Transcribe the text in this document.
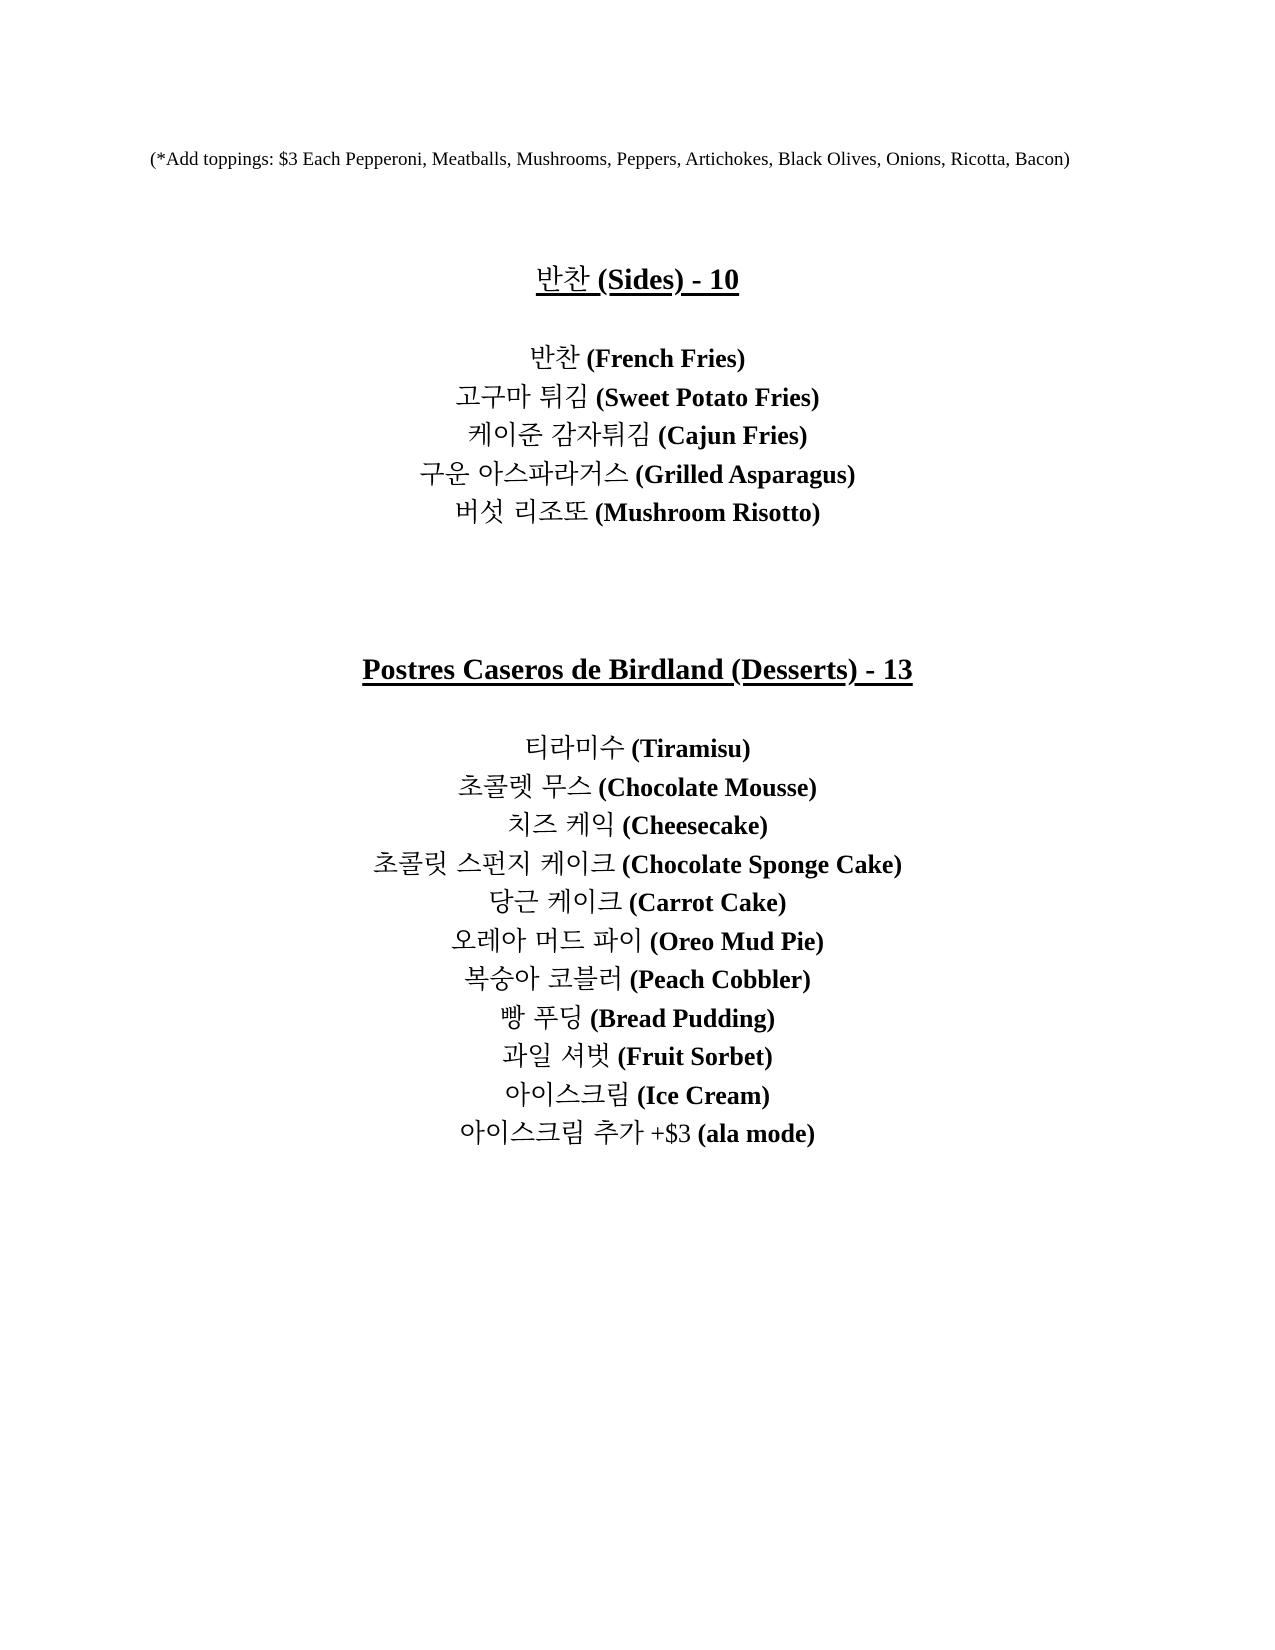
(*Add toppings: $3 Each Pepperoni, Meatballs, Mushrooms, Peppers, Artichokes, Black Olives, Onions, Ricotta, Bacon)
반찬 (Sides) - 10
반찬 (French Fries)
고구마 튀김 (Sweet Potato Fries)
케이준 감자튀김 (Cajun Fries)
구운 아스파라거스 (Grilled Asparagus)
버섯 리조또 (Mushroom Risotto)
Postres Caseros de Birdland (Desserts) - 13
티라미수 (Tiramisu)
초콜렛 무스 (Chocolate Mousse)
치즈 케익 (Cheesecake)
초콜릿 스펀지 케이크 (Chocolate Sponge Cake)
당근 케이크 (Carrot Cake)
오레아 머드 파이 (Oreo Mud Pie)
복숭아 코블러 (Peach Cobbler)
빵 푸딩 (Bread Pudding)
과일 셔벗 (Fruit Sorbet)
아이스크림 (Ice Cream)
아이스크림 추가 +$3 (ala mode)
